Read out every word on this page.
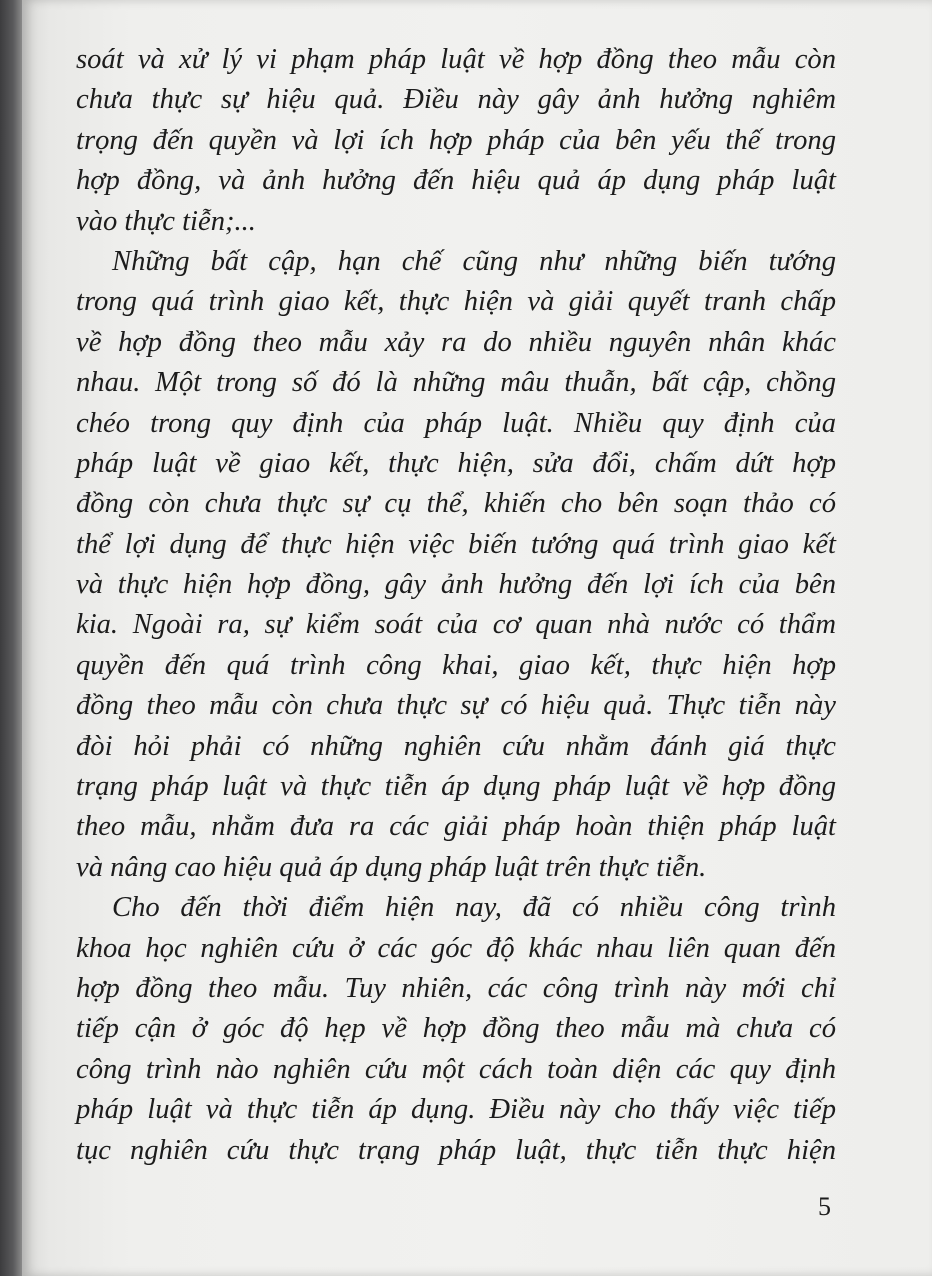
soát và xử lý vi phạm pháp luật về hợp đồng theo mẫu còn
chưa thực sự hiệu quả. Điều này gây ảnh hưởng nghiêm
trọng đến quyền và lợi ích hợp pháp của bên yếu thế trong
hợp đồng, và ảnh hưởng đến hiệu quả áp dụng pháp luật
vào thực tiễn;...
Những bất cập, hạn chế cũng như những biến tướng
trong quá trình giao kết, thực hiện và giải quyết tranh chấp
về hợp đồng theo mẫu xảy ra do nhiều nguyên nhân khác
nhau. Một trong số đó là những mâu thuẫn, bất cập, chồng
chéo trong quy định của pháp luật. Nhiều quy định của
pháp luật về giao kết, thực hiện, sửa đổi, chấm dứt hợp
đồng còn chưa thực sự cụ thể, khiến cho bên soạn thảo có
thể lợi dụng để thực hiện việc biến tướng quá trình giao kết
và thực hiện hợp đồng, gây ảnh hưởng đến lợi ích của bên
kia. Ngoài ra, sự kiểm soát của cơ quan nhà nước có thẩm
quyền đến quá trình công khai, giao kết, thực hiện hợp
đồng theo mẫu còn chưa thực sự có hiệu quả. Thực tiễn này
đòi hỏi phải có những nghiên cứu nhằm đánh giá thực
trạng pháp luật và thực tiễn áp dụng pháp luật về hợp đồng
theo mẫu, nhằm đưa ra các giải pháp hoàn thiện pháp luật
và nâng cao hiệu quả áp dụng pháp luật trên thực tiễn.
Cho đến thời điểm hiện nay, đã có nhiều công trình
khoa học nghiên cứu ở các góc độ khác nhau liên quan đến
hợp đồng theo mẫu. Tuy nhiên, các công trình này mới chỉ
tiếp cận ở góc độ hẹp về hợp đồng theo mẫu mà chưa có
công trình nào nghiên cứu một cách toàn diện các quy định
pháp luật và thực tiễn áp dụng. Điều này cho thấy việc tiếp
tục nghiên cứu thực trạng pháp luật, thực tiễn thực hiện
5
